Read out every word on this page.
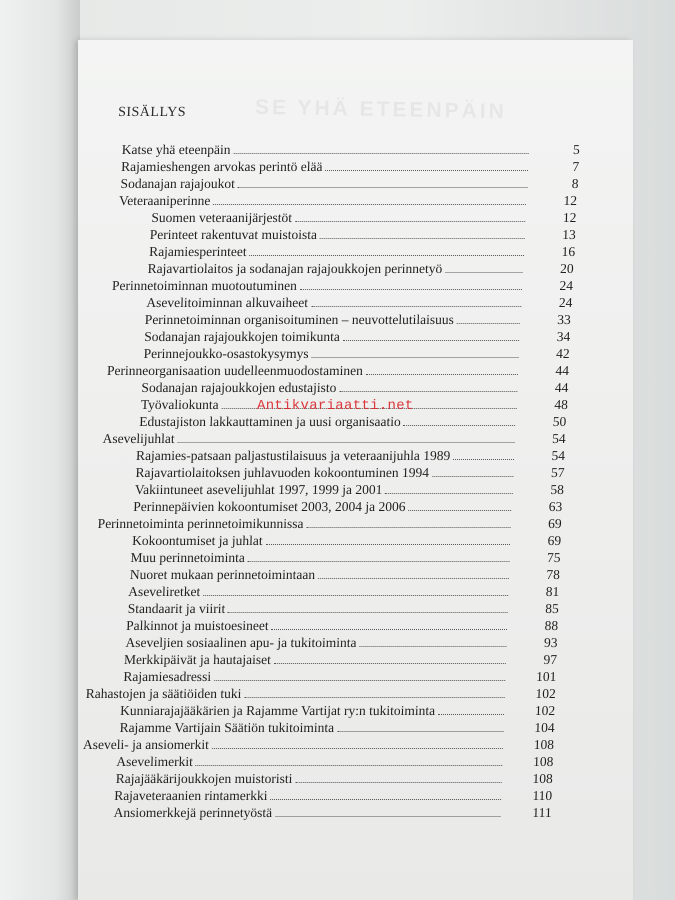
SE YHÄ ETEENPÄIN
SISÄLLYS
Katse yhä eteenpäin	5
Rajamieshengen arvokas perintö elää	7
Sodanajan rajajoukot	8
Veteraaniperinne	12
Suomen veteraanijärjestöt	12
Perinteet rakentuvat muistoista	13
Rajamiesperinteet	16
Rajavartiolaitos ja sodanajan rajajoukkojen perinnetyö	20
Perinnetoiminnan muotoutuminen	24
Asevelitoiminnan alkuvaiheet	24
Perinnetoiminnan organisoituminen – neuvottelutilaisuus	33
Sodanajan rajajoukkojen toimikunta	34
Perinnejoukko-osastokysymys	42
Perinneorganisaation uudelleenmuodostaminen	44
Sodanajan rajajoukkojen edustajisto	44
Työvaliokunta	48
Edustajiston lakkauttaminen ja uusi organisaatio	50
Asevelijuhlat	54
Rajamies-patsaan paljastustilaisuus ja veteraanijuhla 1989	54
Rajavartiolaitoksen juhlavuoden kokoontuminen 1994	57
Vakiintuneet asevelijuhlat 1997, 1999 ja 2001	58
Perinnepäivien kokoontumiset 2003, 2004 ja 2006	63
Perinnetoiminta perinnetoimikunnissa	69
Kokoontumiset ja juhlat	69
Muu perinnetoiminta	75
Nuoret mukaan perinnetoimintaan	78
Aseveliretket	81
Standaarit ja viirit	85
Palkinnot ja muistoesineet	88
Aseveljien sosiaalinen apu- ja tukitoiminta	93
Merkkipäivät ja hautajaiset	97
Rajamiesadressi	101
Rahastojen ja säätiöiden tuki	102
Kunniarajajääkärien ja Rajamme Vartijat ry:n tukitoiminta	102
Rajamme Vartijain Säätiön tukitoiminta	104
Aseveli- ja ansiomerkit	108
Asevelimerkit	108
Rajajääkärijoukkojen muistoristi	108
Rajaveteraanien rintamerkki	110
Ansiomerkkejä perinnetyöstä	111
Antikvariaatti.net
